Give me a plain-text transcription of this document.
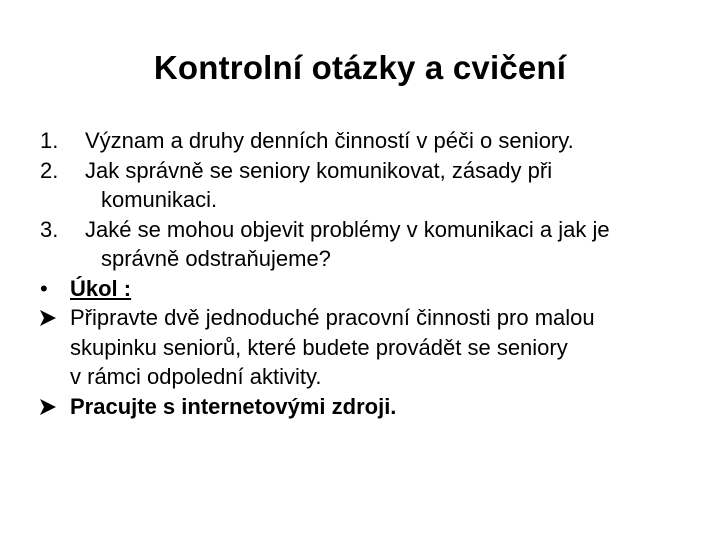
Kontrolní otázky a cvičení
1.	Význam a druhy denních činností v péči o seniory.
2.	Jak správně se seniory komunikovat, zásady při
komunikaci.
3.	Jaké se mohou objevit problémy v komunikaci a jak je
správně odstraňujeme?
•	Úkol :
Připravte dvě jednoduché pracovní činnosti pro malou
skupinku seniorů, které budete provádět se seniory
v rámci odpolední aktivity.
Pracujte s internetovými zdroji.
